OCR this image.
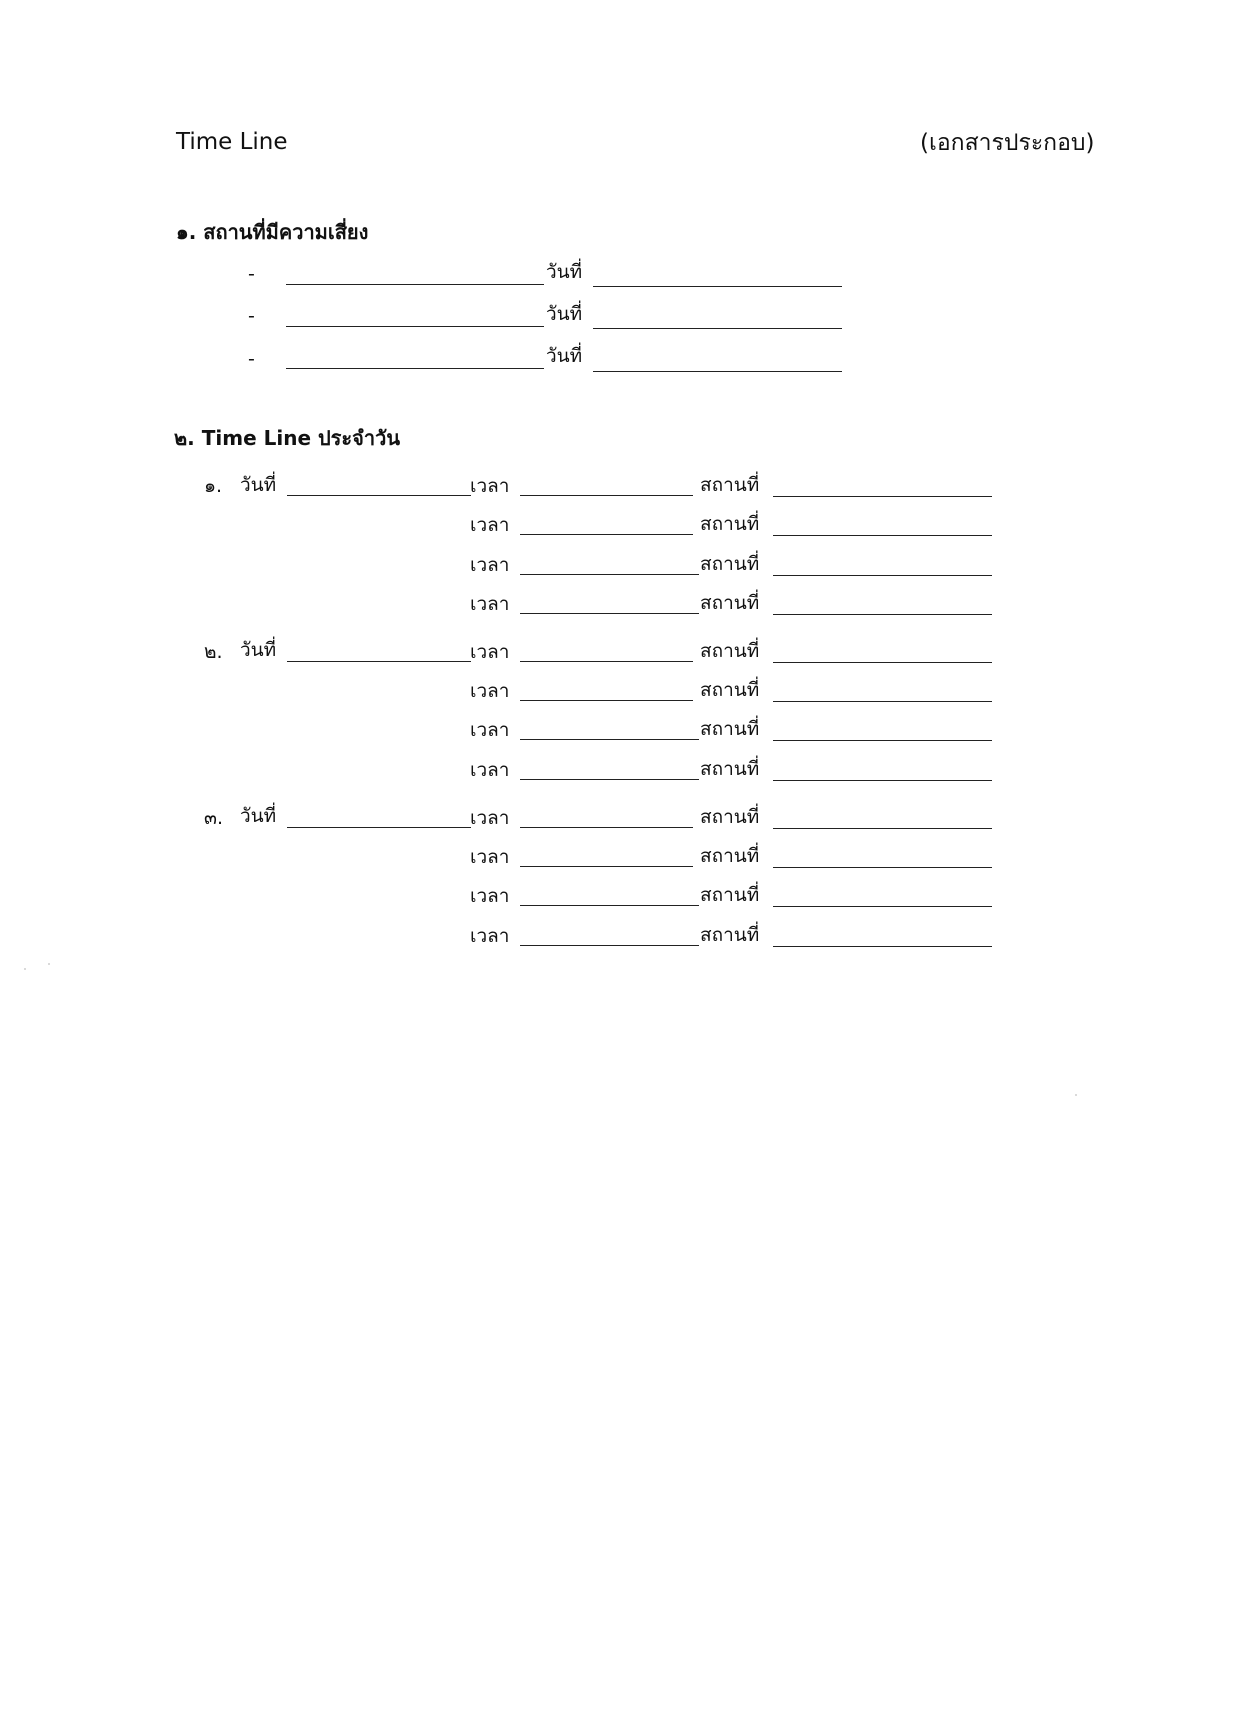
Time Line	(เอกสารประกอบ)
๑. สถานที่มีความเสี่ยง
-	วันที่
-	วันที่
-	วันที่
๒. Time Line ประจำวัน
๑. วันที่	เวลา	สถานที่
เวลา	สถานที่
เวลา	สถานที่
เวลา	สถานที่
๒. วันที่	เวลา	สถานที่
เวลา	สถานที่
เวลา	สถานที่
เวลา	สถานที่
๓. วันที่	เวลา	สถานที่
เวลา	สถานที่
เวลา	สถานที่
เวลา	สถานที่
